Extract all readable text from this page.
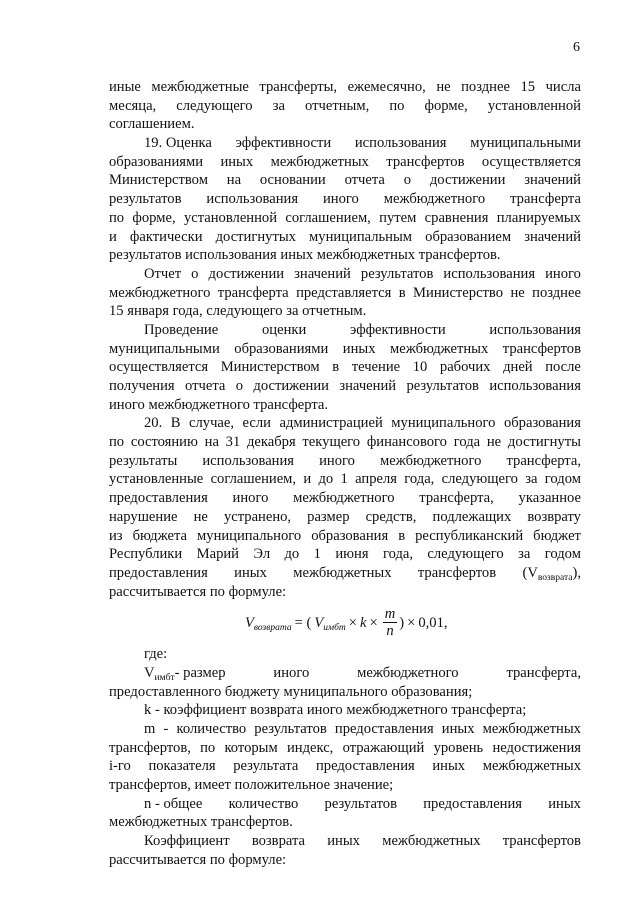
6
иные межбюджетные трансферты, ежемесячно, не позднее 15 числа
месяца, следующего за отчетным, по форме, установленной
соглашением.
19. Оценка эффективности использования муниципальными
образованиями иных межбюджетных трансфертов осуществляется
Министерством на основании отчета о достижении значений
результатов использования иного межбюджетного трансферта
по форме, установленной соглашением, путем сравнения планируемых
и фактически достигнутых муниципальным образованием значений
результатов использования иных межбюджетных трансфертов.
Отчет о достижении значений результатов использования иного
межбюджетного трансферта представляется в Министерство не позднее
15 января года, следующего за отчетным.
Проведение	оценки	эффективности	использования
муниципальными образованиями иных межбюджетных трансфертов
осуществляется Министерством в течение 10 рабочих дней после
получения отчета о достижении значений результатов использования
иного межбюджетного трансферта.
20. В случае, если администрацией муниципального образования
по состоянию на 31 декабря текущего финансового года не достигнуты
результаты использования иного межбюджетного трансферта,
установленные соглашением, и до 1 апреля года, следующего за годом
предоставления иного межбюджетного трансферта, указанное
нарушение не устранено, размер средств, подлежащих возврату
из бюджета муниципального образования в республиканский бюджет
Республики Марий Эл до 1 июня года, следующего за годом
предоставления иных межбюджетных трансфертов $(V_{возврата})$,
рассчитывается по формуле:
V возврата = ( V имбт × $k \times \frac{m}{n}$ ) × 0,01,
где:
$V_{имбт}-$ размер	иного	межбюджетного	трансферта,
предоставленного бюджету муниципального образования;
k - коэффициент возврата иного межбюджетного трансферта;
m - количество результатов предоставления иных межбюджетных
трансфертов, по которым индекс, отражающий уровень недостижения
i-го показателя результата предоставления иных межбюджетных
трансфертов, имеет положительное значение;
n - общее количество результатов предоставления иных
межбюджетных трансфертов.
Коэффициент возврата иных межбюджетных трансфертов
рассчитывается по формуле:
